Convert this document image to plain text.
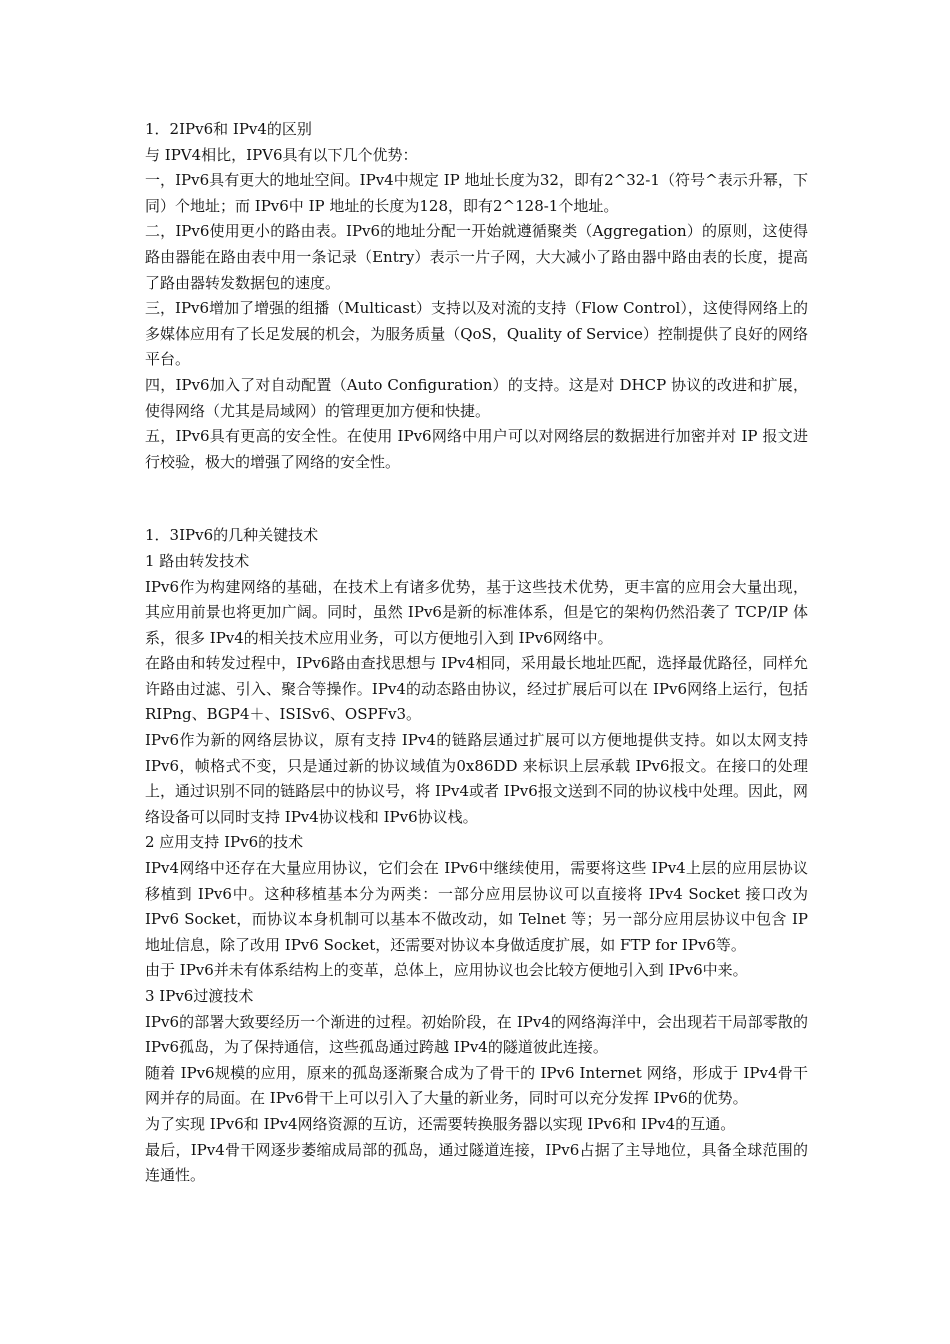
1．2IPv6和 IPv4的区别

与 IPV4相比，IPV6具有以下几个优势：

一，IPv6具有更大的地址空间。IPv4中规定 IP 地址长度为32，即有2^32-1（符号^表示升幂，下同）个地址；而 IPv6中 IP 地址的长度为128，即有2^128-1个地址。

二，IPv6使用更小的路由表。IPv6的地址分配一开始就遵循聚类（Aggregation）的原则，这使得路由器能在路由表中用一条记录（Entry）表示一片子网，大大减小了路由器中路由表的长度，提高了路由器转发数据包的速度。

三，IPv6增加了增强的组播（Multicast）支持以及对流的支持（Flow Control），这使得网络上的多媒体应用有了长足发展的机会，为服务质量（QoS，Quality of Service）控制提供了良好的网络平台。

四，IPv6加入了对自动配置（Auto Configuration）的支持。这是对 DHCP 协议的改进和扩展，使得网络（尤其是局域网）的管理更加方便和快捷。

五，IPv6具有更高的安全性。在使用 IPv6网络中用户可以对网络层的数据进行加密并对 IP 报文进行校验，极大的增强了网络的安全性。

1．3IPv6的几种关键技术

1 路由转发技术

IPv6作为构建网络的基础，在技术上有诸多优势，基于这些技术优势，更丰富的应用会大量出现，其应用前景也将更加广阔。同时，虽然 IPv6是新的标准体系，但是它的架构仍然沿袭了 TCP/IP 体系，很多 IPv4的相关技术应用业务，可以方便地引入到 IPv6网络中。

在路由和转发过程中，IPv6路由查找思想与 IPv4相同，采用最长地址匹配，选择最优路径，同样允许路由过滤、引入、聚合等操作。IPv4的动态路由协议，经过扩展后可以在 IPv6网络上运行，包括 RIPng、BGP4＋、ISISv6、OSPFv3。

IPv6作为新的网络层协议，原有支持 IPv4的链路层通过扩展可以方便地提供支持。如以太网支持 IPv6，帧格式不变，只是通过新的协议域值为0x86DD 来标识上层承载 IPv6报文。在接口的处理上，通过识别不同的链路层中的协议号，将 IPv4或者 IPv6报文送到不同的协议栈中处理。因此，网络设备可以同时支持 IPv4协议栈和 IPv6协议栈。

2 应用支持 IPv6的技术

IPv4网络中还存在大量应用协议，它们会在 IPv6中继续使用，需要将这些 IPv4上层的应用层协议移植到 IPv6中。这种移植基本分为两类：一部分应用层协议可以直接将 IPv4 Socket 接口改为 IPv6 Socket，而协议本身机制可以基本不做改动，如 Telnet 等；另一部分应用层协议中包含 IP 地址信息，除了改用 IPv6 Socket，还需要对协议本身做适度扩展，如 FTP for IPv6等。

由于 IPv6并未有体系结构上的变革，总体上，应用协议也会比较方便地引入到 IPv6中来。

3 IPv6过渡技术

IPv6的部署大致要经历一个渐进的过程。初始阶段，在 IPv4的网络海洋中，会出现若干局部零散的 IPv6孤岛，为了保持通信，这些孤岛通过跨越 IPv4的隧道彼此连接。

随着 IPv6规模的应用，原来的孤岛逐渐聚合成为了骨干的 IPv6 Internet 网络，形成于 IPv4骨干网并存的局面。在 IPv6骨干上可以引入了大量的新业务，同时可以充分发挥 IPv6的优势。

为了实现 IPv6和 IPv4网络资源的互访，还需要转换服务器以实现 IPv6和 IPv4的互通。

最后，IPv4骨干网逐步萎缩成局部的孤岛，通过隧道连接，IPv6占据了主导地位，具备全球范围的连通性。
